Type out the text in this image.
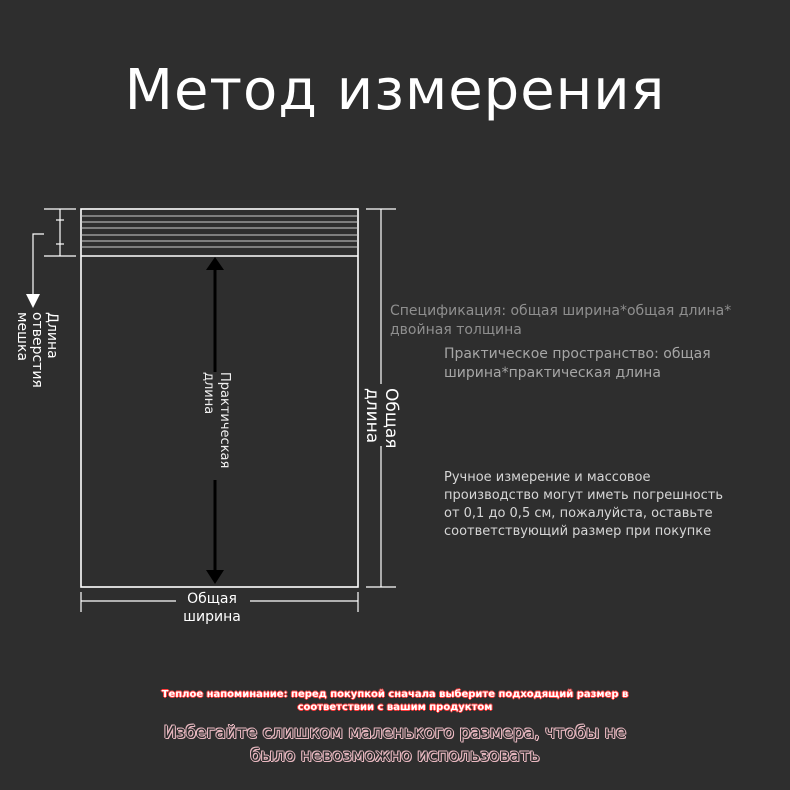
Метод измерения
Длина
отверстия
мешка
Практическая
длина	Общая
длина
Общая
ширина
Спецификация: общая ширина*общая длина*
двойная толщина
Практическое пространство: общая
ширина*практическая длина
Ручное измерение и массовое
производство могут иметь погрешность
от 0,1 до 0,5 см, пожалуйста, оставьте
соответствующий размер при покупке
Теплое напоминание: перед покупкой сначала выберите подходящий размер в
соответствии с вашим продуктом
Избегайте слишком маленького размера, чтобы не
было невозможно использовать
